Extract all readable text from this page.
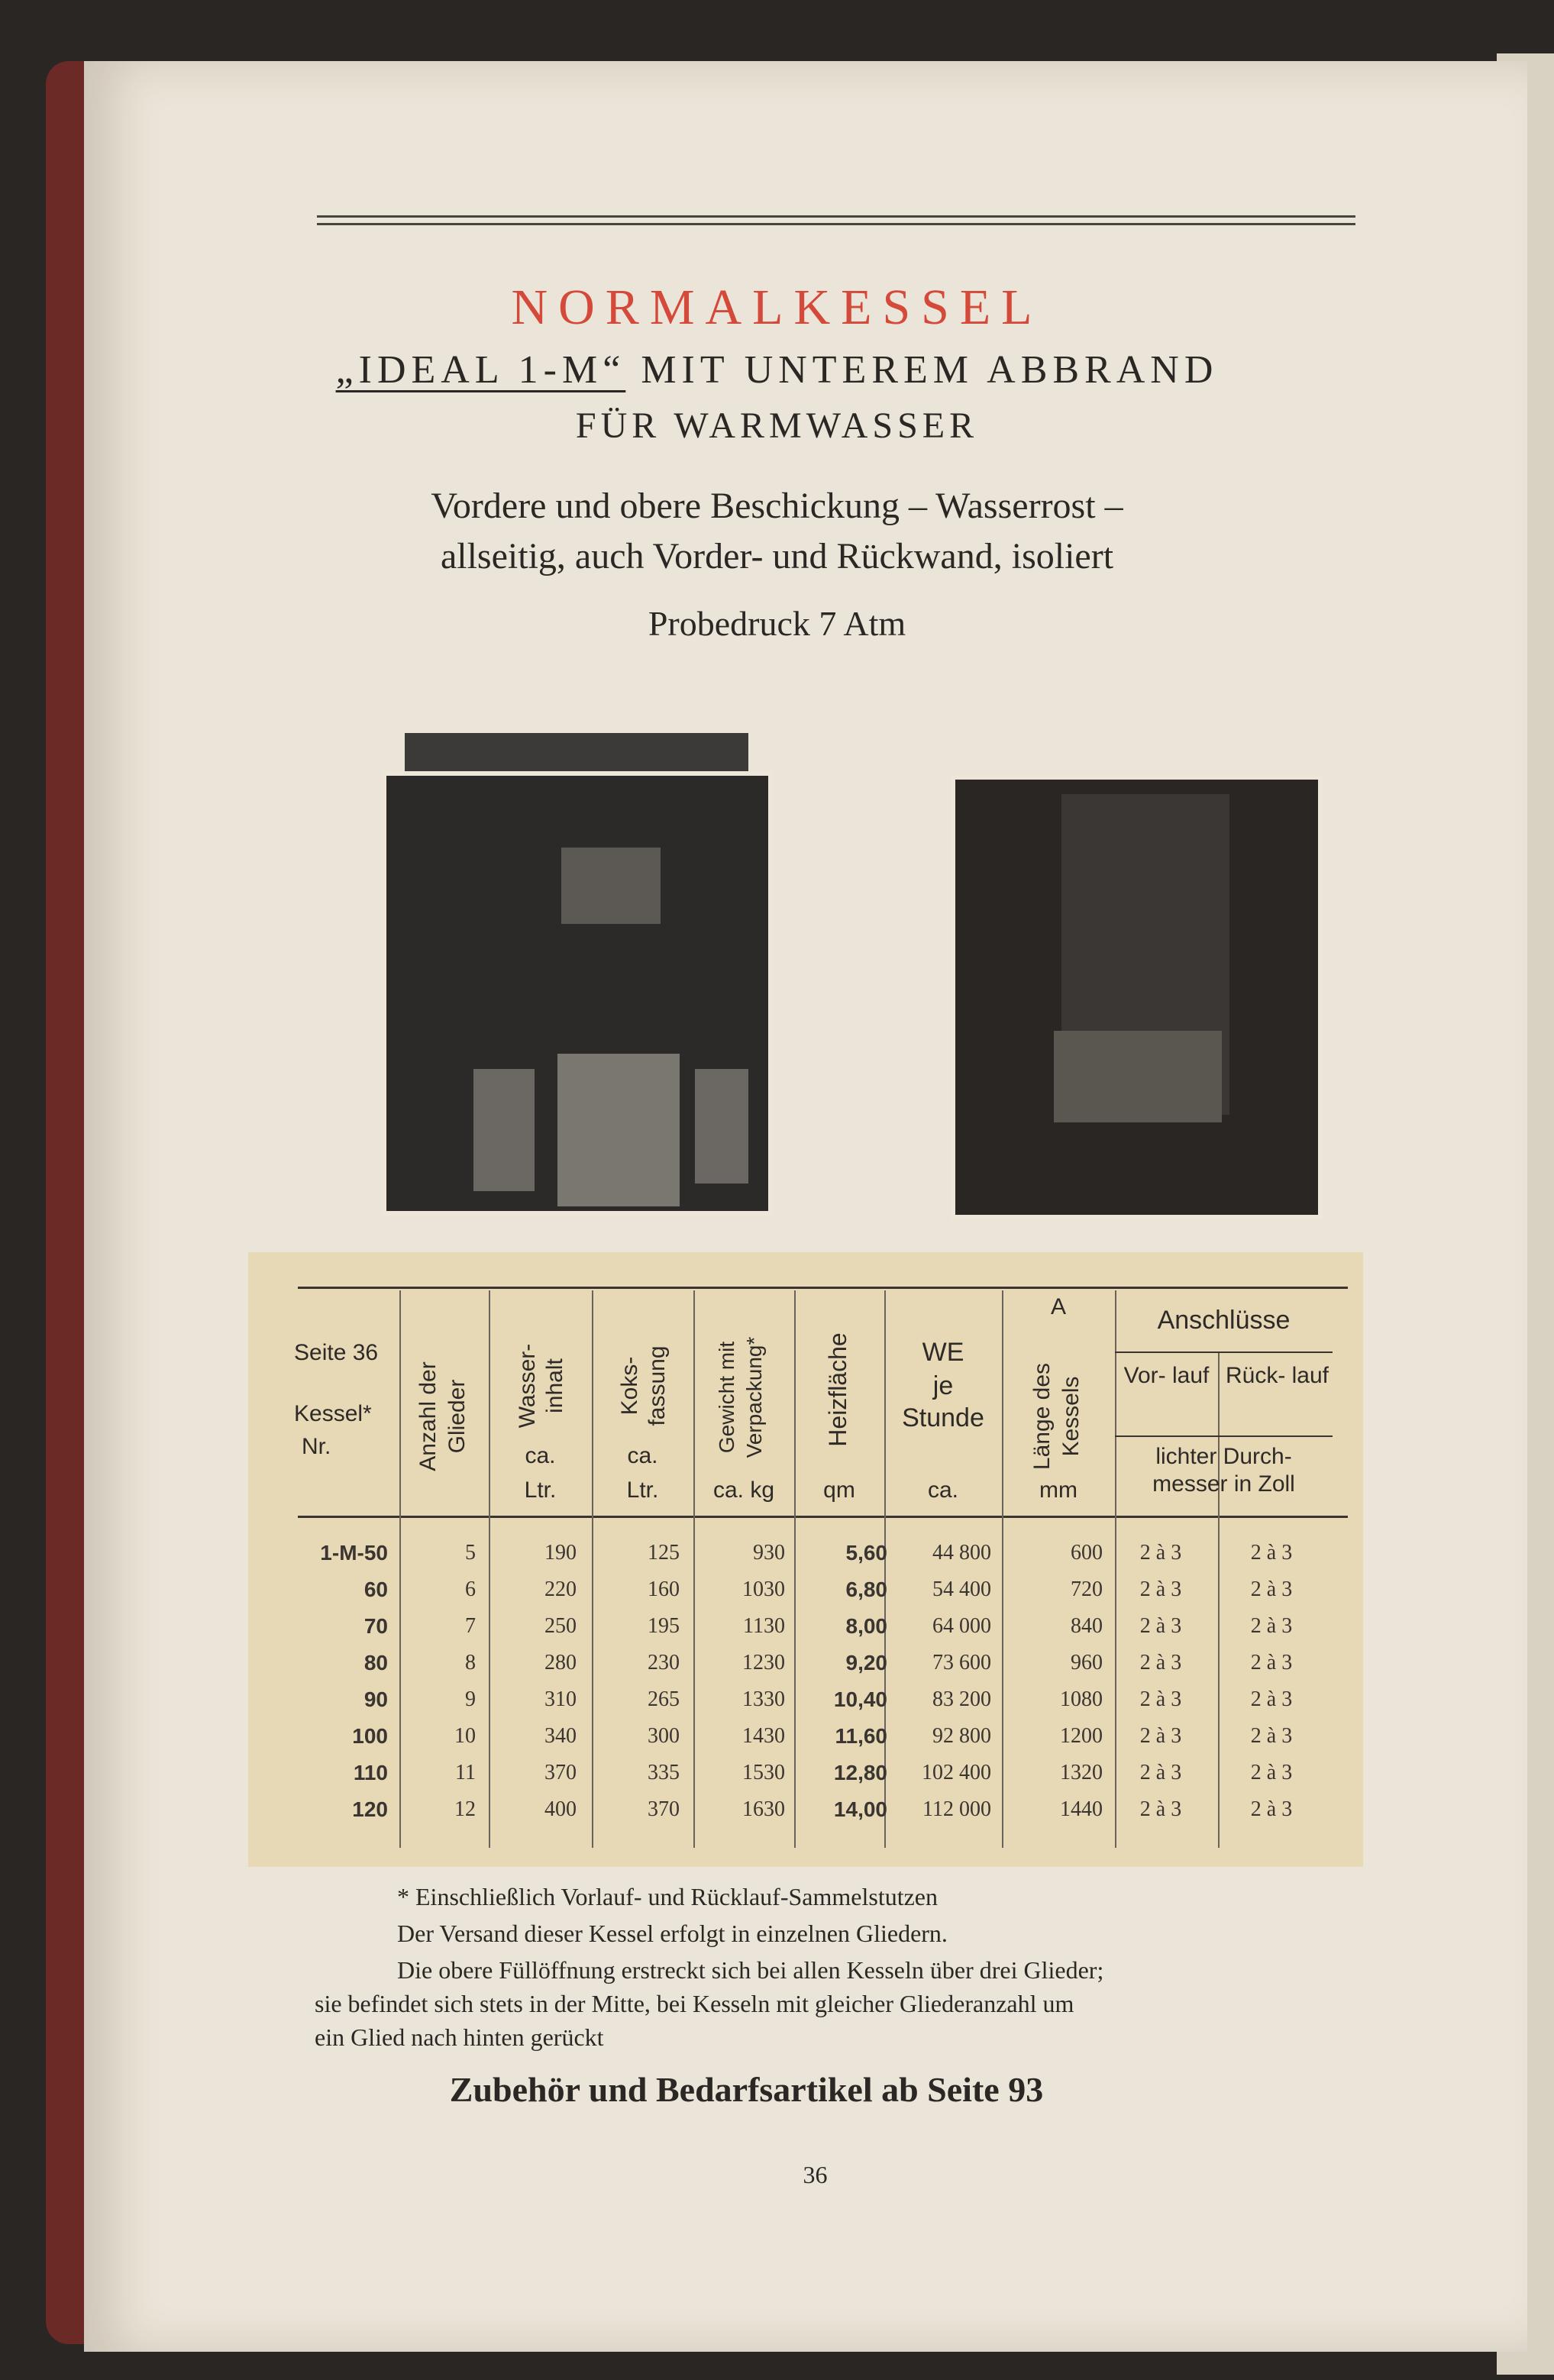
NORMALKESSEL
„IDEAL 1-M“ MIT UNTEREM ABBRAND
FÜR WARMWASSER
Vordere und obere Beschickung – Wasserrost –
allseitig, auch Vorder- und Rückwand, isoliert
Probedruck 7 Atm
Seite 36
Kessel*
Nr.	Anzahl der Glieder Wasser- inhalt
ca.
Ltr.
Koks- fassung
ca.
Ltr.
Gewicht mit Verpackung*
ca. kg
Heizfläche
qm
WE
je
Stunde
ca.
A
Länge des Kessels
mm
Anschlüsse
Vor- lauf Rück- lauf
lichter Durch- messer in Zoll
1-M-50	5	190	125	930	5,60	44 800	600	2 à 3	2 à 3
60	6	220	160	1030	6,80	54 400	720	2 à 3	2 à 3
70	7	250	195	1130	8,00	64 000	840	2 à 3	2 à 3
80	8	280	230	1230	9,20	73 600	960	2 à 3	2 à 3
90	9	310	265	1330	10,40	83 200	1080	2 à 3	2 à 3
100	10	340	300	1430	11,60	92 800	1200	2 à 3	2 à 3
110	11	370	335	1530	12,80	102 400	1320	2 à 3	2 à 3
120	12	400	370	1630	14,00	112 000	1440	2 à 3	2 à 3
* Einschließlich Vorlauf- und Rücklauf-Sammelstutzen
Der Versand dieser Kessel erfolgt in einzelnen Gliedern.
Die obere Füllöffnung erstreckt sich bei allen Kesseln über drei Glieder;
sie befindet sich stets in der Mitte, bei Kesseln mit gleicher Gliederanzahl um
ein Glied nach hinten gerückt
Zubehör und Bedarfsartikel ab Seite 93
36
